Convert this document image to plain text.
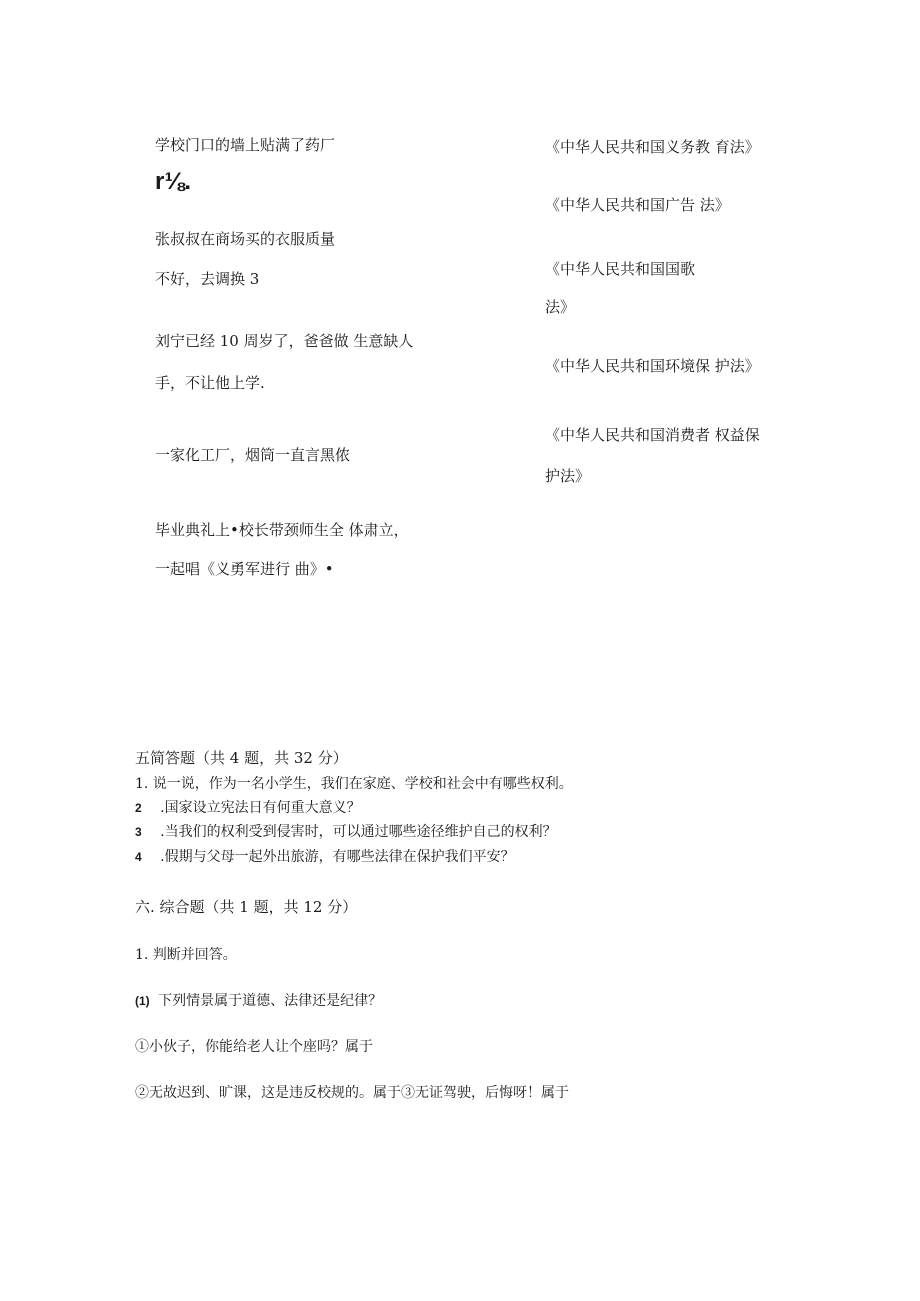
学校门口的墙上贴满了药厂
r⅛.
张叔叔在商场买的衣服质量
不好，去调换 3
刘宁已经 10 周岁了，爸爸做 生意缺人
手，不让他上学.
一家化工厂，烟筒一直言黑侬
毕业典礼上•校长带颈师生全 体肃立，
一起唱《义勇军进行 曲》•
《中华人民共和国义务教 育法》
《中华人民共和国广告 法》
《中华人民共和国国歌
法》
《中华人民共和国环境保 护法》
《中华人民共和国消费者 权益保
护法》
五简答题（共 4 题，共 32 分）
1. 说一说，作为一名小学生，我们在家庭、学校和社会中有哪些权利。
2 .国家设立宪法日有何重大意义？
3 .当我们的权利受到侵害时，可以通过哪些途径维护自己的权利？
4 .假期与父母一起外出旅游，有哪些法律在保护我们平安？
六. 综合题（共 1 题，共 12 分）
1. 判断并回答。
(1) 下列情景属于道德、法律还是纪律？
①小伙子，你能给老人让个座吗？属于
②无故迟到、旷课，这是违反校规的。属于③无证驾驶，后悔呀！属于
